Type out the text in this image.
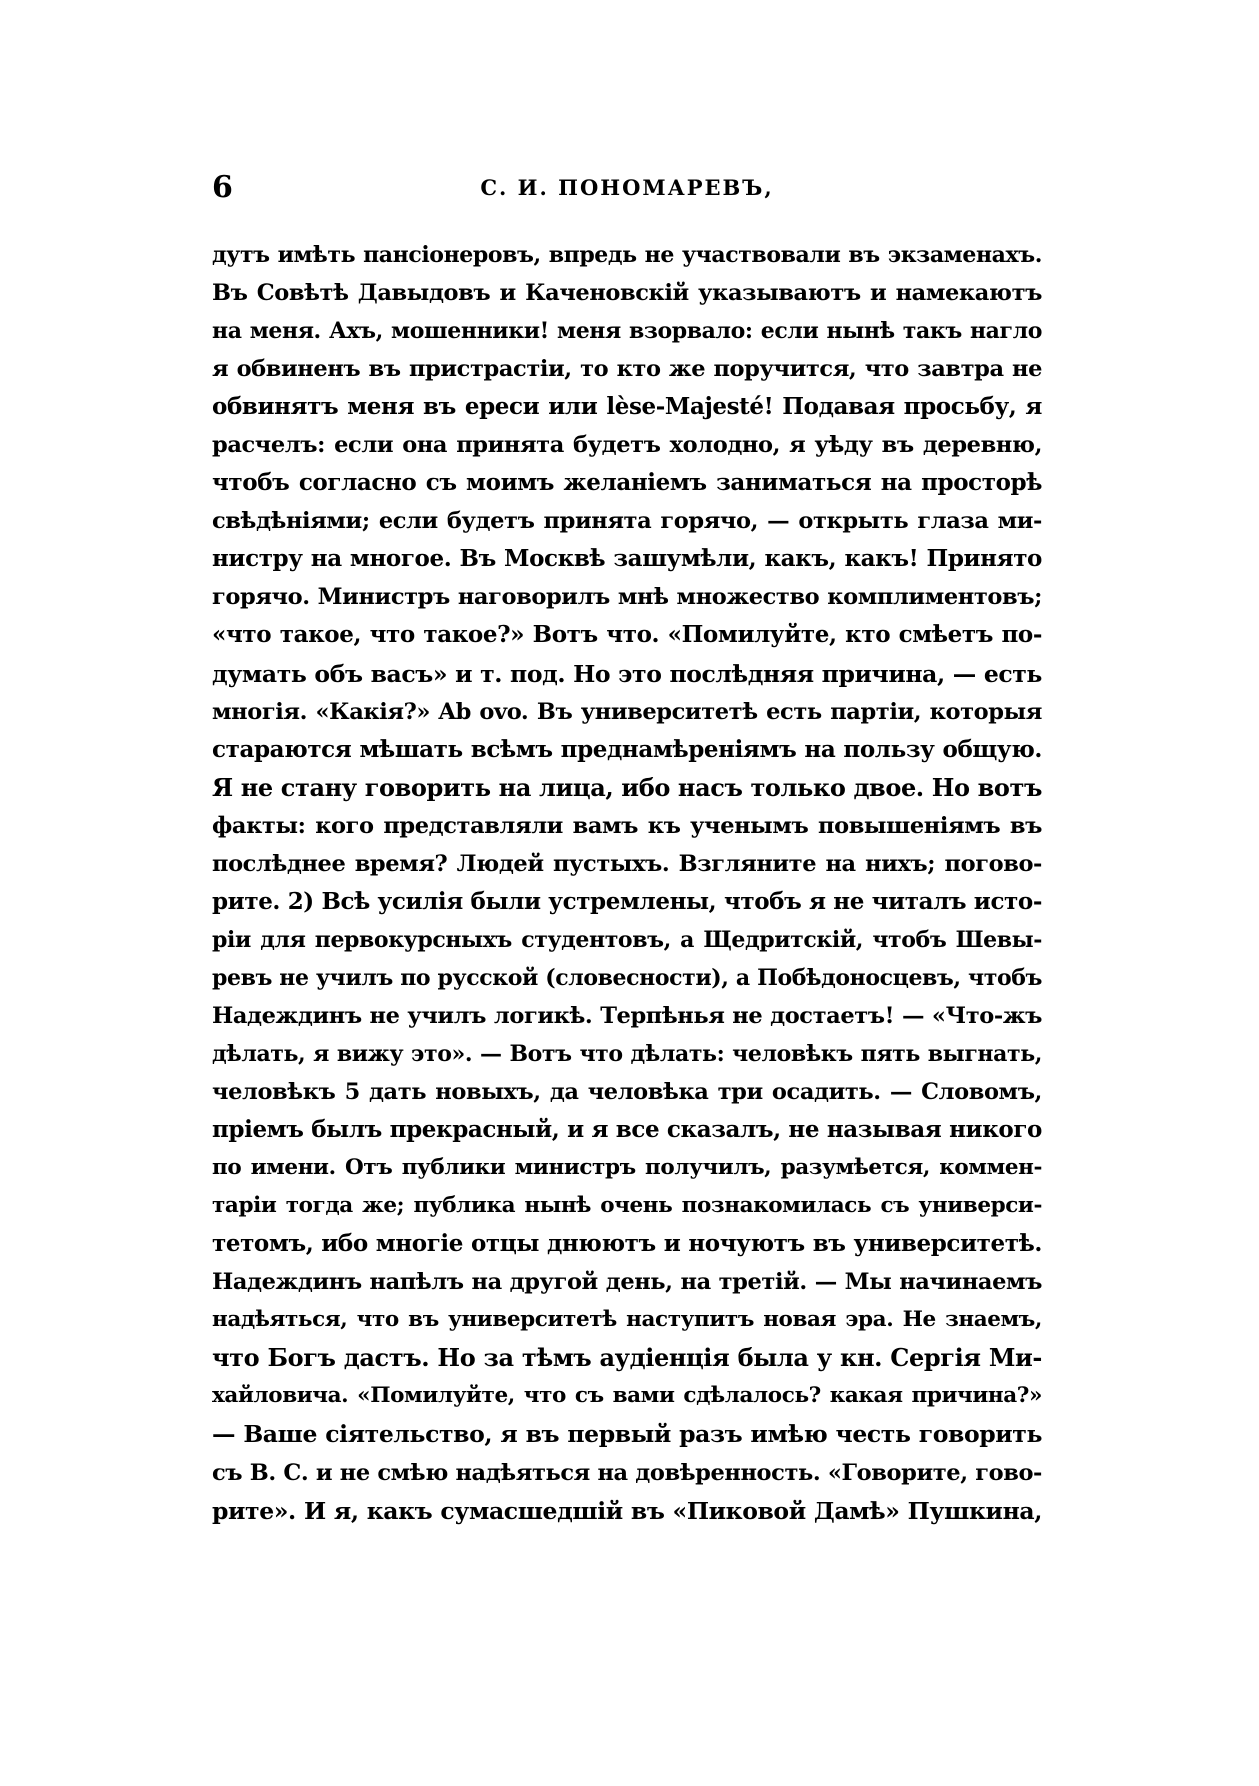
6	С. И. ПОНОМАРЕВЪ,
дутъ имѣть пансіонеровъ, впредь не участвовали въ экзаменахъ.
Въ Совѣтѣ Давыдовъ и Каченовскій указываютъ и намекаютъ
на меня. Ахъ, мошенники! меня взорвало: если нынѣ такъ нагло
я обвиненъ въ пристрастіи, то кто же поручится, что завтра не
обвинятъ меня въ ереси или lèse-Majesté! Подавая просьбу, я
расчелъ: если она принята будетъ холодно, я уѣду въ деревню,
чтобъ согласно съ моимъ желаніемъ заниматься на просторѣ
свѣдѣніями; если будетъ принята горячо, — открыть глаза ми-
нистру на многое. Въ Москвѣ зашумѣли, какъ, какъ! Принято
горячо. Министръ наговорилъ мнѣ множество комплиментовъ;
«что такое, что такое?» Вотъ что. «Помилуйте, кто смѣетъ по-
думать объ васъ» и т. под. Но это послѣдняя причина, — есть
многія. «Какія?» Ab ovo. Въ университетѣ есть партіи, которыя
стараются мѣшать всѣмъ преднамѣреніямъ на пользу общую.
Я не стану говорить на лица, ибо насъ только двое. Но вотъ
факты: кого представляли вамъ къ ученымъ повышеніямъ въ
послѣднее время? Людей пустыхъ. Взгляните на нихъ; погово-
рите. 2) Всѣ усилія были устремлены, чтобъ я не читалъ исто-
ріи для первокурсныхъ студентовъ, а Щедритскій, чтобъ Шевы-
ревъ не училъ по русской (словесности), а Побѣдоносцевъ, чтобъ
Надеждинъ не училъ логикѣ. Терпѣнья не достаетъ! — «Что-жъ
дѣлать, я вижу это». — Вотъ что дѣлать: человѣкъ пять выгнать,
человѣкъ 5 дать новыхъ, да человѣка три осадить. — Словомъ,
пріемъ былъ прекрасный, и я все сказалъ, не называя никого
по имени. Отъ публики министръ получилъ, разумѣется, коммен-
таріи тогда же; публика нынѣ очень познакомилась съ универси-
тетомъ, ибо многіе отцы днюютъ и ночуютъ въ университетѣ.
Надеждинъ напѣлъ на другой день, на третій. — Мы начинаемъ
надѣяться, что въ университетѣ наступитъ новая эра. Не знаемъ,
что Богъ дастъ. Но за тѣмъ аудіенція была у кн. Сергія Ми-
хайловича. «Помилуйте, что съ вами сдѣлалось? какая причина?»
— Ваше сіятельство, я въ первый разъ имѣю честь говорить
съ В. С. и не смѣю надѣяться на довѣренность. «Говорите, гово-
рите». И я, какъ сумасшедшій въ «Пиковой Дамѣ» Пушкина,
